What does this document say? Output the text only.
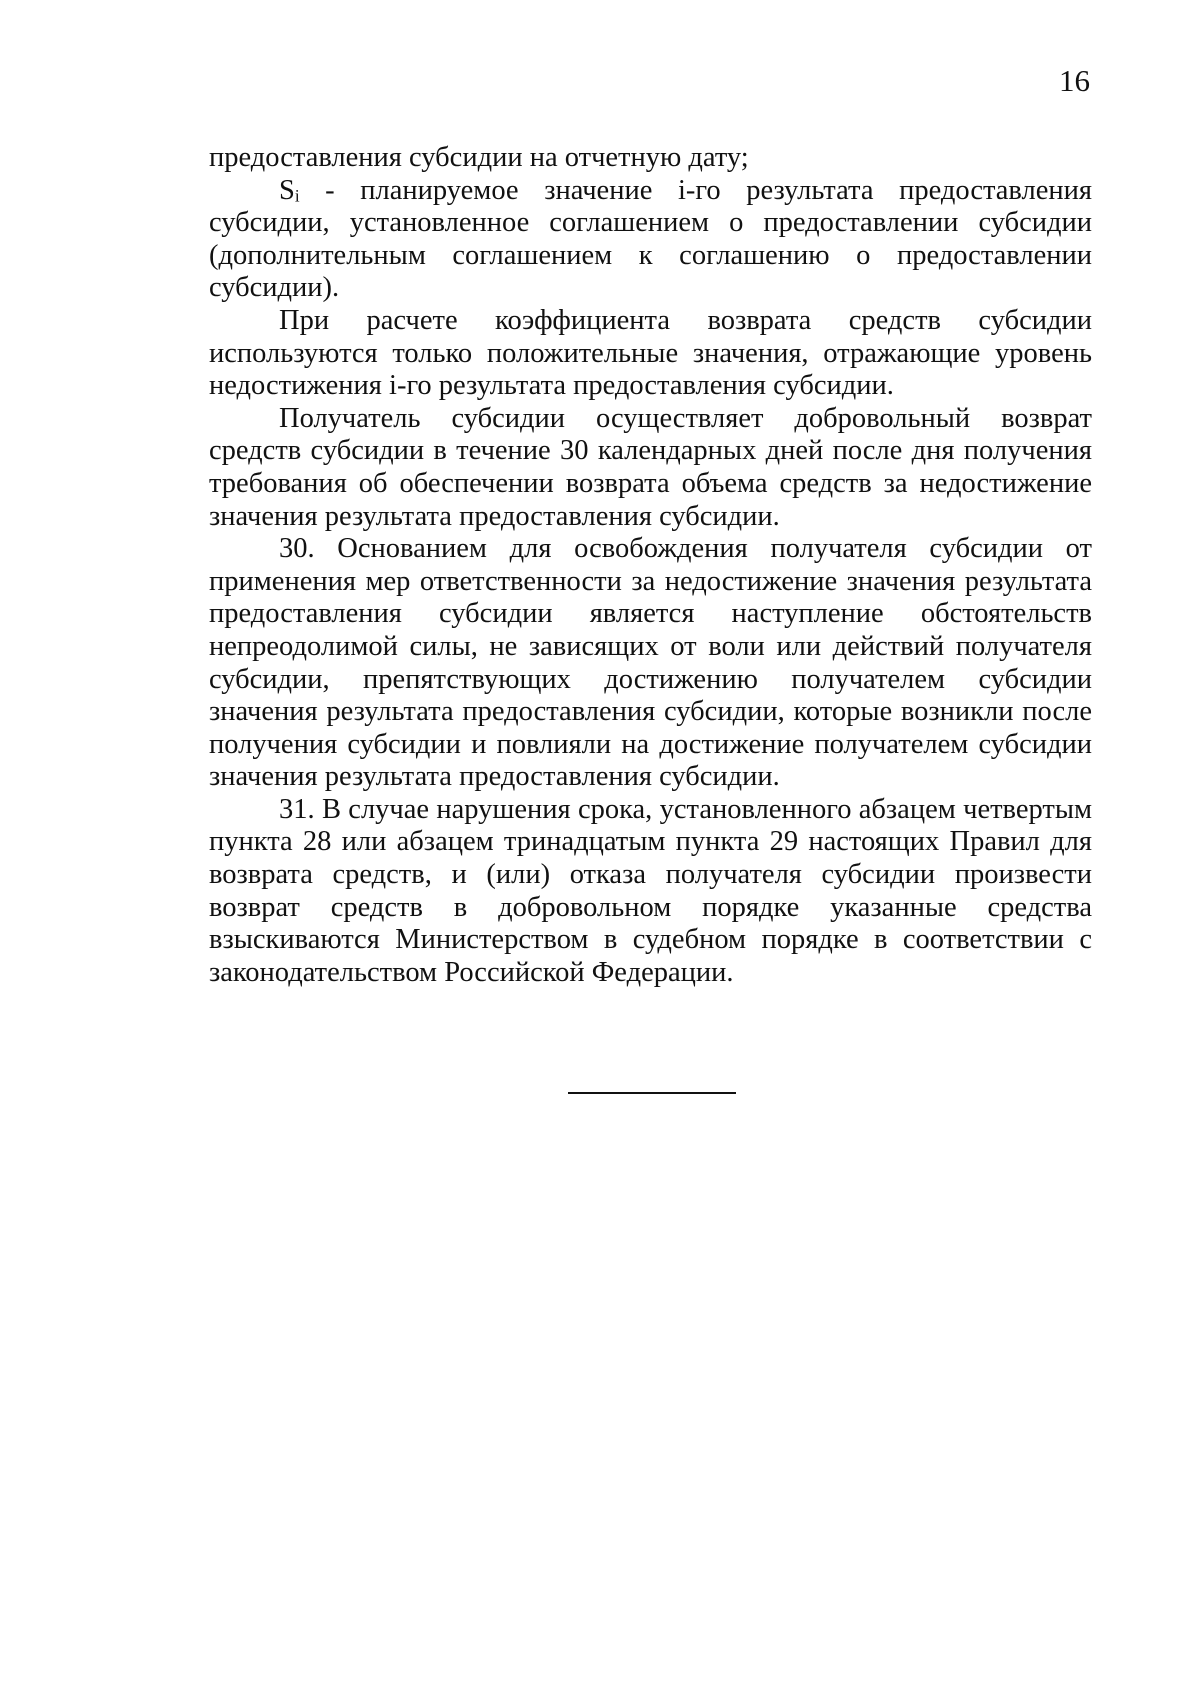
16

предоставления субсидии на отчетную дату;

Sᵢ - планируемое значение i-го результата предоставления субсидии, установленное соглашением о предоставлении субсидии (дополнительным соглашением к соглашению о предоставлении субсидии).

При расчете коэффициента возврата средств субсидии используются только положительные значения, отражающие уровень недостижения i-го результата предоставления субсидии.

Получатель субсидии осуществляет добровольный возврат средств субсидии в течение 30 календарных дней после дня получения требования об обеспечении возврата объема средств за недостижение значения результата предоставления субсидии.

30. Основанием для освобождения получателя субсидии от применения мер ответственности за недостижение значения результата предоставления субсидии является наступление обстоятельств непреодолимой силы, не зависящих от воли или действий получателя субсидии, препятствующих достижению получателем субсидии значения результата предоставления субсидии, которые возникли после получения субсидии и повлияли на достижение получателем субсидии значения результата предоставления субсидии.

31. В случае нарушения срока, установленного абзацем четвертым пункта 28 или абзацем тринадцатым пункта 29 настоящих Правил для возврата средств, и (или) отказа получателя субсидии произвести возврат средств в добровольном порядке указанные средства взыскиваются Министерством в судебном порядке в соответствии с законодательством Российской Федерации.
